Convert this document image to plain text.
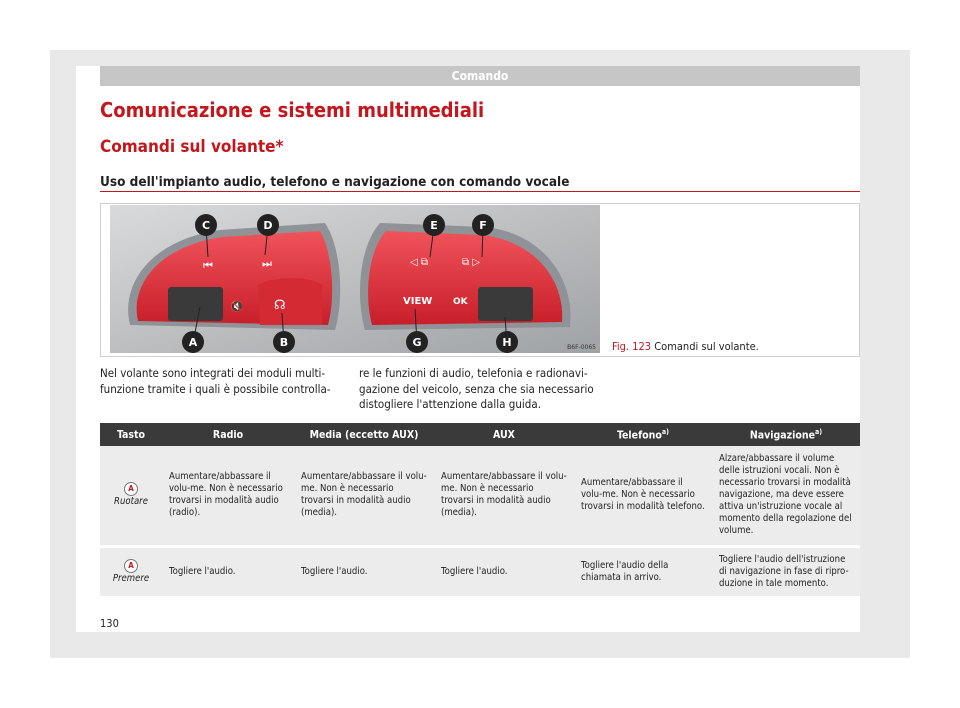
Comando
Comunicazione e sistemi multimediali
Comandi sul volante*
Uso dell'impianto audio, telefono e navigazione con comando vocale
⏮	⏭
🔇 ☊	VIEW OK
◁ ⧉	⧉ ▷
C	D	E	F
A	B	G	H	B6F-0065 Fig. 123 Comandi sul volante.
Nel volante sono integrati dei moduli multi-funzione tramite i quali è possibile controlla-
re le funzioni di audio, telefonia e radionavi-gazione del veicolo, senza che sia necessario distogliere l'attenzione dalla guida.
Tasto	Radio	Media (eccetto AUX)	AUX	Telefono$^{a)}$	Navigazione$^{a)}$
A
Ruotare	Aumentare/abbassare il volu-me. Non è necessario trovarsi in modalità audio (radio).	Aumentare/abbassare il volu-me. Non è necessario trovarsi in modalità audio (media).	Aumentare/abbassare il volu-me. Non è necessario trovarsi in modalità audio (media).	Aumentare/abbassare il volu-me. Non è necessario trovarsi in modalità telefono.	Alzare/abbassare il volume delle istruzioni vocali. Non è necessario trovarsi in modalità navigazione, ma deve essere attiva un'istruzione vocale al momento della regolazione del volume.
A
Premere	Togliere l'audio.	Togliere l'audio.	Togliere l'audio.	Togliere l'audio della chiamata in arrivo.	Togliere l'audio dell'istruzione di navigazione in fase di ripro-duzione in tale momento.
130
